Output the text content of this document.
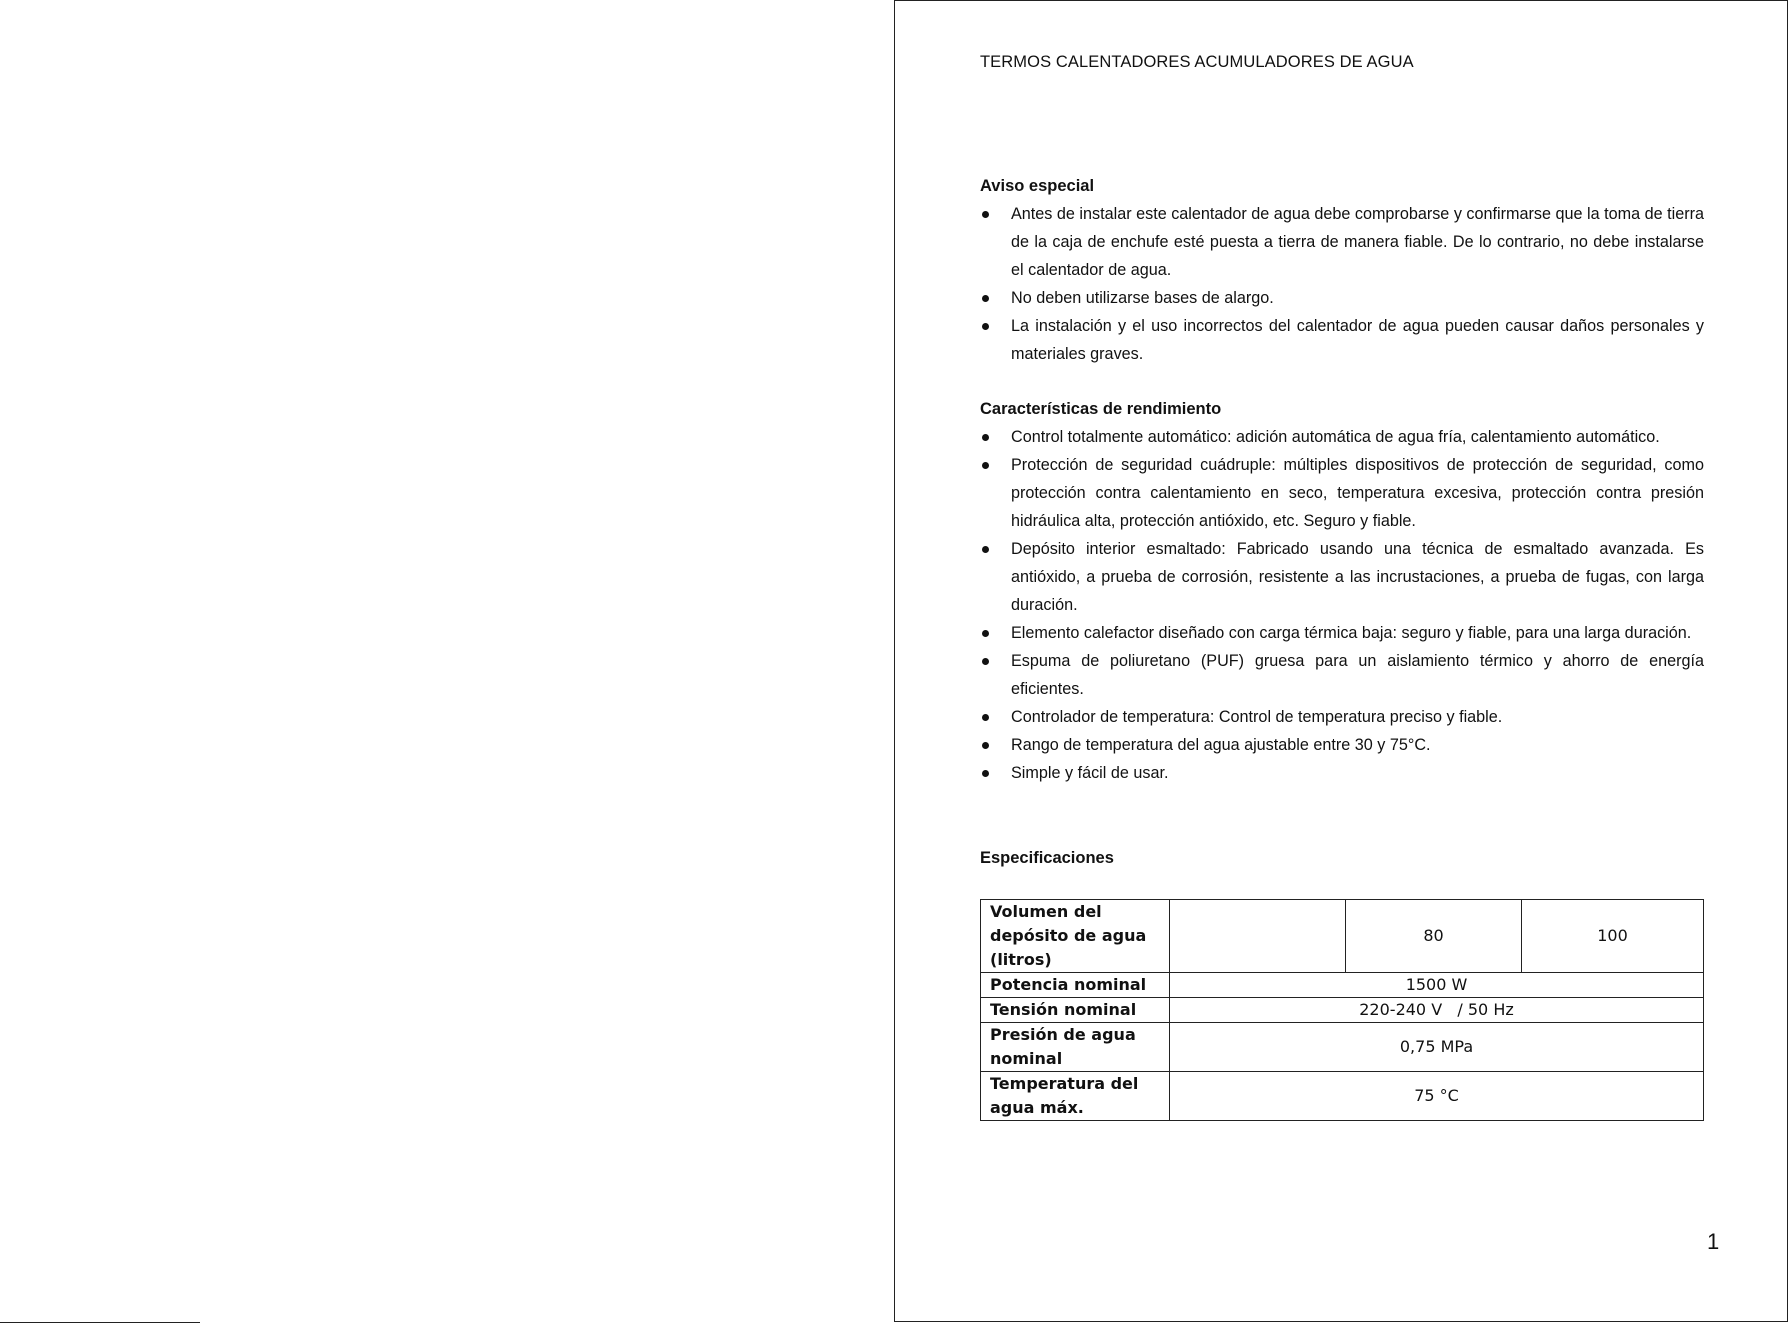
TERMOS CALENTADORES ACUMULADORES DE AGUA

Aviso especial

Antes de instalar este calentador de agua debe comprobarse y confirmarse que la toma de tierra de la caja de enchufe esté puesta a tierra de manera fiable. De lo contrario, no debe instalarse el calentador de agua.
No deben utilizarse bases de alargo.
La instalación y el uso incorrectos del calentador de agua pueden causar daños personales y materiales graves.

Características de rendimiento

Control totalmente automático: adición automática de agua fría, calentamiento automático.
Protección de seguridad cuádruple: múltiples dispositivos de protección de seguridad, como protección contra calentamiento en seco, temperatura excesiva, protección contra presión hidráulica alta, protección antióxido, etc. Seguro y fiable.
Depósito interior esmaltado: Fabricado usando una técnica de esmaltado avanzada. Es antióxido, a prueba de corrosión, resistente a las incrustaciones, a prueba de fugas, con larga duración.
Elemento calefactor diseñado con carga térmica baja: seguro y fiable, para una larga duración.
Espuma de poliuretano (PUF) gruesa para un aislamiento térmico y ahorro de energía eficientes.
Controlador de temperatura: Control de temperatura preciso y fiable.
Rango de temperatura del agua ajustable entre 30 y 75°C.
Simple y fácil de usar.

Especificaciones

Volumen del depósito de agua (litros)		80	100
Potencia nominal	1500 W		
Tensión nominal	220-240 V   / 50 Hz		
Presión de agua nominal	0,75 MPa		
Temperatura del agua máx.	75 °C		
1
